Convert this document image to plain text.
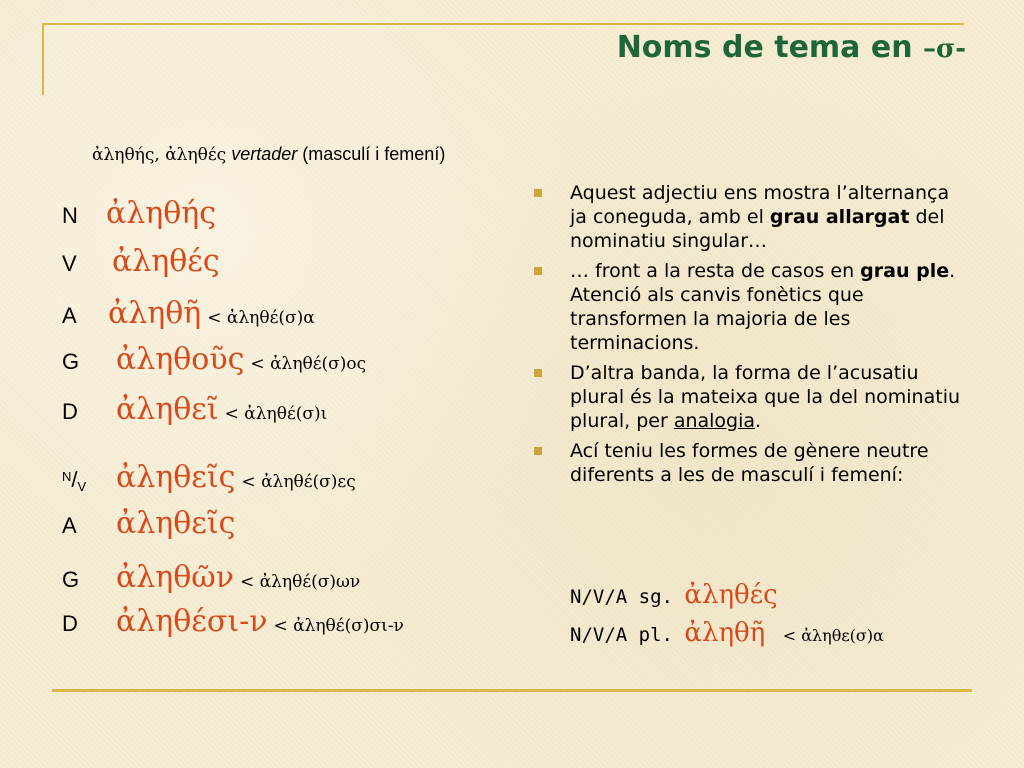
Noms de tema en –σ-
ἀληθής, ἀληθές vertader (masculí i femení)
N ἀληθής
V	ἀληθές
A	ἀληθῆ < ἀληθέ(σ)α
G	ἀληθοῦς < ἀληθέ(σ)ος
D	ἀληθεῖ < ἀληθέ(σ)ι
$^N/_V$ ἀληθεῖς < ἀληθέ(σ)ες
A	ἀληθεῖς
G	ἀληθῶν < ἀληθέ(σ)ων
D	ἀληθέσι-ν < ἀληθέ(σ)σι-ν
Aquest adjectiu ens mostra l’alternança ja coneguda, amb el grau allargat del nominatiu singular…
… front a la resta de casos en grau ple. Atenció als canvis fonètics que transformen la majoria de les terminacions.
D’altra banda, la forma de l’acusatiu plural és la mateixa que la del nominatiu plural, per analogia.
Ací teniu les formes de gènere neutre diferents a les de masculí i femení:
N/V/A sg. ἀληθές
N/V/A pl. ἀληθῆ < ἀληθε(σ)α
